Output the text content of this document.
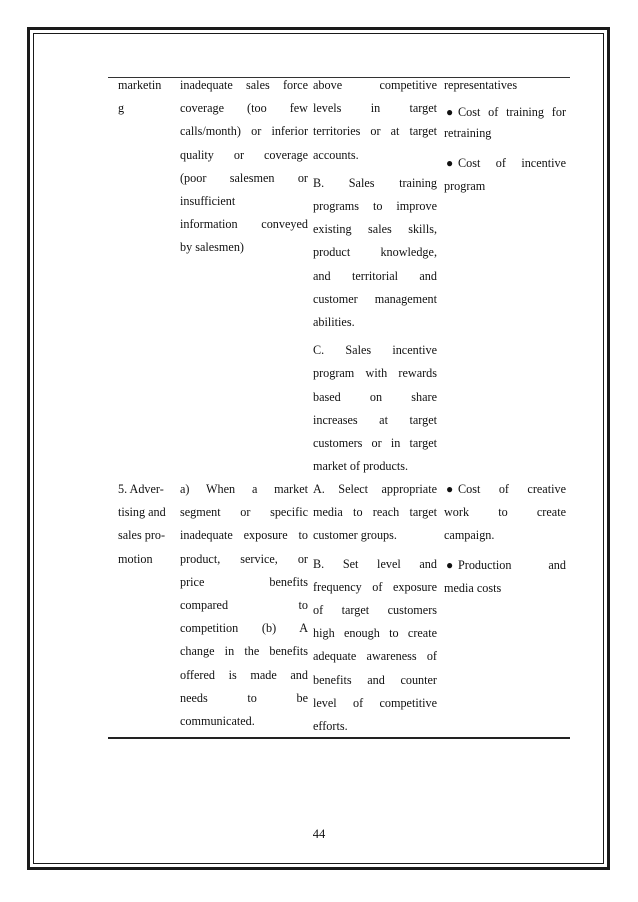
marketin
g
inadequate sales force
coverage (too few
calls/month) or inferior
quality or coverage
(poor salesmen or
insufficient
information conveyed
by salesmen)
above competitive
levels in target
territories or at target
accounts.
B. Sales training
programs to improve
existing sales skills,
product knowledge,
and territorial and
customer management
abilities.
C. Sales incentive
program with rewards
based on share
increases at target
customers or in target
market of products.
representatives
● Cost of training for
retraining
● Cost of incentive
program
5. Adver-
tising and
sales pro-
motion
a) When a market
segment or specific
inadequate exposure to
product, service, or
price benefits
compared to
competition (b) A
change in the benefits
offered is made and
needs to be
communicated.
A. Select appropriate
media to reach target
customer groups.
B. Set level and
frequency of exposure
of target customers
high enough to create
adequate awareness of
benefits and counter
level of competitive
efforts.
● Cost of creative
work to create
campaign.
● Production and
media costs
44
